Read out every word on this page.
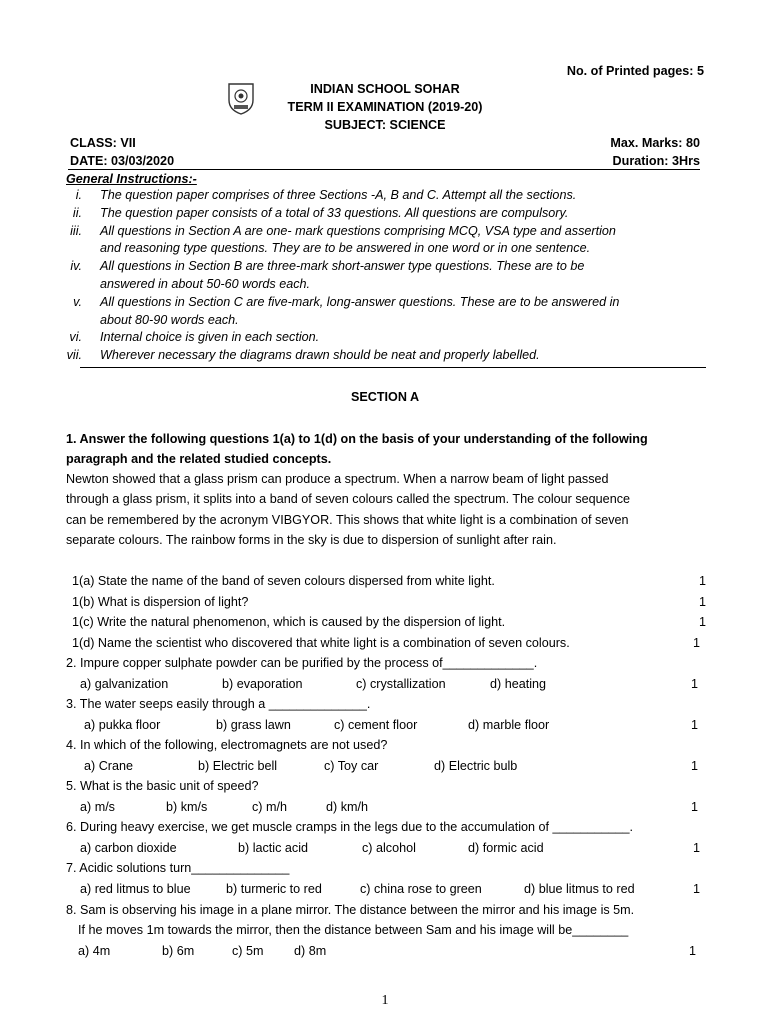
No. of Printed pages: 5
INDIAN SCHOOL SOHAR
TERM II EXAMINATION (2019-20)
SUBJECT: SCIENCE
CLASS: VII	Max. Marks: 80
DATE: 03/03/2020	Duration: 3Hrs
General Instructions:-
i. The question paper comprises of three Sections -A, B and C. Attempt all the sections.
ii. The question paper consists of a total of 33 questions. All questions are compulsory.
iii. All questions in Section A are one- mark questions comprising MCQ, VSA type and assertion
and reasoning type questions. They are to be answered in one word or in one sentence.
iv. All questions in Section B are three-mark short-answer type questions. These are to be
answered in about 50-60 words each.
v. All questions in Section C are five-mark, long-answer questions. These are to be answered in
about 80-90 words each.
vi. Internal choice is given in each section.
vii. Wherever necessary the diagrams drawn should be neat and properly labelled.
SECTION A
1. Answer the following questions 1(a) to 1(d) on the basis of your understanding of the following
paragraph and the related studied concepts.
Newton showed that a glass prism can produce a spectrum. When a narrow beam of light passed
through a glass prism, it splits into a band of seven colours called the spectrum. The colour sequence
can be remembered by the acronym VIBGYOR. This shows that white light is a combination of seven
separate colours. The rainbow forms in the sky is due to dispersion of sunlight after rain.
1(a) State the name of the band of seven colours dispersed from white light.	1
1(b) What is dispersion of light?	1
1(c) Write the natural phenomenon, which is caused by the dispersion of light.	1
1(d) Name the scientist who discovered that white light is a combination of seven colours.	1
2. Impure copper sulphate powder can be purified by the process of_____________.
a) galvanization	b) evaporation	c) crystallization	d) heating	1
3. The water seeps easily through a ______________.
a) pukka floor	b) grass lawn	c) cement floor	d) marble floor	1
4. In which of the following, electromagnets are not used?
a) Crane	b) Electric bell	c) Toy car	d) Electric bulb	1
5. What is the basic unit of speed?
a) m/s	b) km/s	c) m/h	d) km/h	1
6. During heavy exercise, we get muscle cramps in the legs due to the accumulation of ___________.
a) carbon dioxide	b) lactic acid	c) alcohol	d) formic acid	1
7. Acidic solutions turn______________
a) red litmus to blue	b) turmeric to red	c) china rose to green	d) blue litmus to red	1
8. Sam is observing his image in a plane mirror. The distance between the mirror and his image is 5m.
If he moves 1m towards the mirror, then the distance between Sam and his image will be________
a) 4m	b) 6m	c) 5m d) 8m	1
1
